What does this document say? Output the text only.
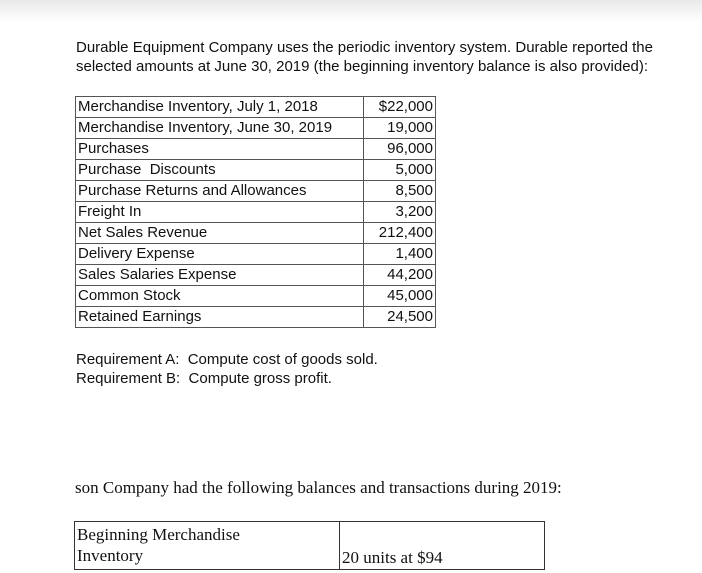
Durable Equipment Company uses the periodic inventory system. Durable reported the
selected amounts at June 30, 2019 (the beginning inventory balance is also provided):
Merchandise Inventory, July 1, 2018	$22,000
Merchandise Inventory, June 30, 2019	19,000
Purchases	96,000
Purchase  Discounts	5,000
Purchase Returns and Allowances	8,500
Freight In	3,200
Net Sales Revenue	212,400
Delivery Expense	1,400
Sales Salaries Expense	44,200
Common Stock	45,000
Retained Earnings	24,500
Requirement A:  Compute cost of goods sold.
Requirement B:  Compute gross profit.
son Company had the following balances and transactions during 2019:
Beginning Merchandise
Inventory	20 units at $94
